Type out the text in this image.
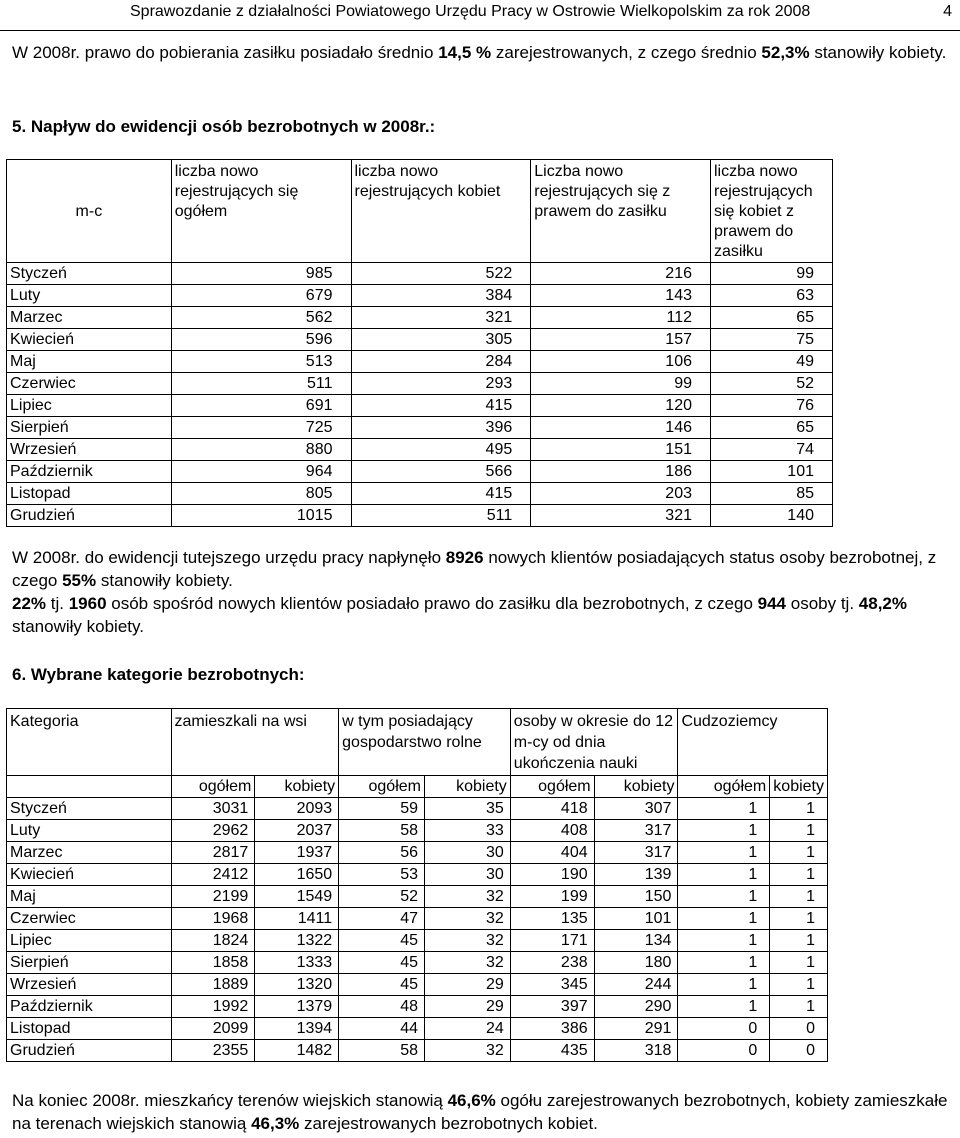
Sprawozdanie z działalności Powiatowego Urzędu Pracy w Ostrowie Wielkopolskim za rok 2008	4
W 2008r. prawo do pobierania zasiłku posiadało średnio 14,5 % zarejestrowanych, z czego średnio 52,3% stanowiły kobiety.
5. Napływ do ewidencji osób bezrobotnych w 2008r.:
m-c	liczba nowo rejestrujących się ogółem	liczba nowo rejestrujących kobiet	Liczba nowo rejestrujących się z prawem do zasiłku	liczba nowo rejestrujących się kobiet z prawem do zasiłku
Styczeń	985	522	216	99
Luty	679	384	143	63
Marzec	562	321	112	65
Kwiecień	596	305	157	75
Maj	513	284	106	49
Czerwiec	511	293	99	52
Lipiec	691	415	120	76
Sierpień	725	396	146	65
Wrzesień	880	495	151	74
Październik	964	566	186	101
Listopad	805	415	203	85
Grudzień	1015	511	321	140
W 2008r. do ewidencji tutejszego urzędu pracy napłynęło 8926 nowych klientów posiadających status osoby bezrobotnej, z czego 55% stanowiły kobiety.
22% tj. 1960 osób spośród nowych klientów posiadało prawo do zasiłku dla bezrobotnych, z czego 944 osoby tj. 48,2% stanowiły kobiety.
6. Wybrane kategorie bezrobotnych:
Kategoria	zamieszkali na wsi		w tym posiadający gospodarstwo rolne		osoby w okresie do 12 m-cy od dnia ukończenia nauki		Cudzoziemcy	
	ogółem	kobiety	ogółem	kobiety	ogółem	kobiety	ogółem	kobiety
Styczeń	3031	2093	59	35	418	307	1	1
Luty	2962	2037	58	33	408	317	1	1
Marzec	2817	1937	56	30	404	317	1	1
Kwiecień	2412	1650	53	30	190	139	1	1
Maj	2199	1549	52	32	199	150	1	1
Czerwiec	1968	1411	47	32	135	101	1	1
Lipiec	1824	1322	45	32	171	134	1	1
Sierpień	1858	1333	45	32	238	180	1	1
Wrzesień	1889	1320	45	29	345	244	1	1
Październik	1992	1379	48	29	397	290	1	1
Listopad	2099	1394	44	24	386	291	0	0
Grudzień	2355	1482	58	32	435	318	0	0
Na koniec 2008r. mieszkańcy terenów wiejskich stanowią 46,6% ogółu zarejestrowanych bezrobotnych, kobiety zamieszkałe na terenach wiejskich stanowią 46,3% zarejestrowanych bezrobotnych kobiet.
